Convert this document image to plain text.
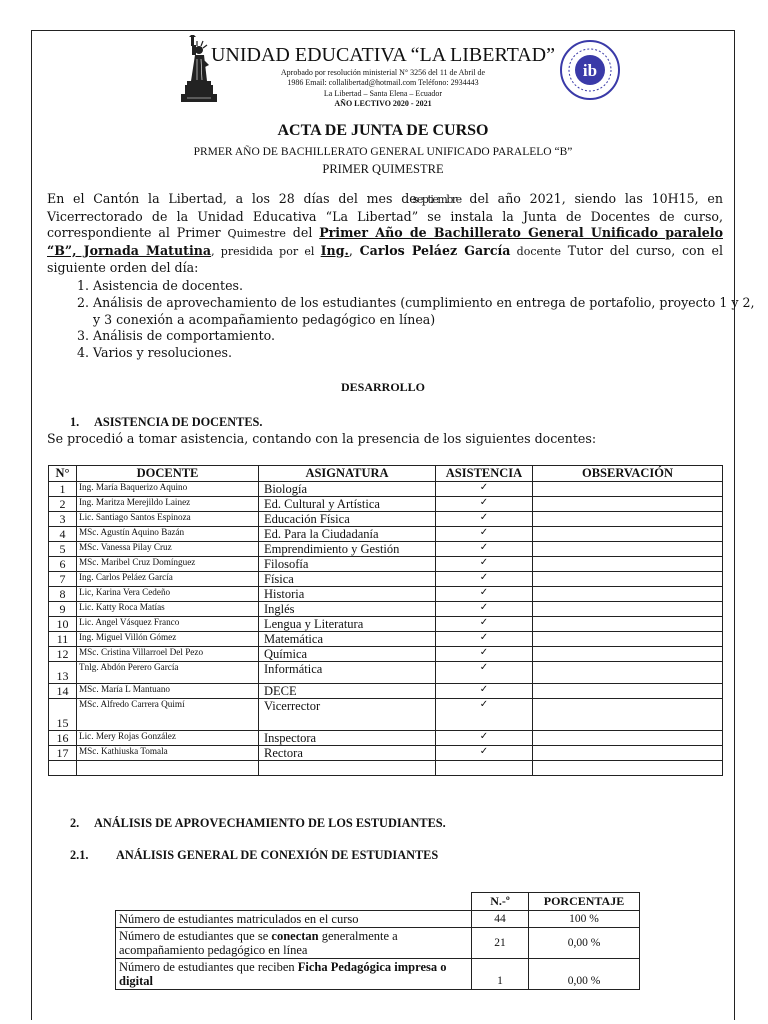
ib
UNIDAD EDUCATIVA “LA LIBERTAD”
Aprobado por resolución ministerial N° 3256 del 11 de Abril de
1986 Email: collalibertad@hotmail.com Teléfono: 2934443
La Libertad – Santa Elena – Ecuador
AÑO LECTIVO 2020 - 2021
ACTA DE JUNTA DE CURSO
PRMER AÑO DE BACHILLERATO GENERAL UNIFICADO PARALELO “B”
PRIMER QUIMESTRE
En el Cantón la Libertad, a los 28 días del mes deseptiembre del año 2021, siendo las 10H15, en Vicerrectorado de la Unidad Educativa “La Libertad” se instala la Junta de Docentes de curso, correspondiente al Primer Quimestre del Primer Año de Bachillerato General Unificado paralelo “B”, Jornada Matutina, presidida por el Ing., Carlos Peláez García docente Tutor del curso, con el siguiente orden del día:
1. Asistencia de docentes.
2. Análisis de aprovechamiento de los estudiantes (cumplimiento en entrega de portafolio, proyecto 1 y 2, y 3 conexión a acompañamiento pedagógico en línea)
3. Análisis de comportamiento.
4. Varios y resoluciones.
DESARROLLO
1. ASISTENCIA DE DOCENTES.
Se procedió a tomar asistencia, contando con la presencia de los siguientes docentes:
N°	DOCENTE	ASIGNATURA	ASISTENCIA	OBSERVACIÓN
1	Ing. María Baquerizo Aquino	Biología	✓	
2	Ing. Maritza Merejildo Lainez	Ed. Cultural y Artística	✓	
3	Lic. Santiago Santos Espinoza	Educación Física	✓	
4	MSc. Agustín Aquino Bazán	Ed. Para la Ciudadanía	✓	
5	MSc. Vanessa Pilay Cruz	Emprendimiento y Gestión	✓	
6	MSc. Maribel Cruz Domínguez	Filosofía	✓	
7	Ing. Carlos Peláez García	Física	✓	
8	Lic, Karina Vera Cedeño	Historia	✓	
9	Lic. Katty Roca Matías	Inglés	✓	
10	Lic. Angel Vásquez Franco	Lengua y Literatura	✓	
11	Ing. Miguel Villón Gómez	Matemática	✓	
12	MSc. Cristina Villarroel Del Pezo	Química	✓	
13	Tnlg. Abdón Perero García	Informática	✓	
14	MSc. María L Mantuano	DECE	✓	
15	MSc. Alfredo Carrera Quimí	Vicerrector	✓	
16	Lic. Mery Rojas González	Inspectora	✓	
17	MSc. Kathiuska Tomala	Rectora	✓	

2. ANÁLISIS DE APROVECHAMIENTO DE LOS ESTUDIANTES.
2.1. ANÁLISIS GENERAL DE CONEXIÓN DE ESTUDIANTES
	N.-º	PORCENTAJE
Número de estudiantes matriculados en el curso	44	100 %
Número de estudiantes que se conectan generalmente a
acompañamiento pedagógico en línea	21	0,00 %
Número de estudiantes que reciben Ficha Pedagógica impresa o digital	1	0,00 %
